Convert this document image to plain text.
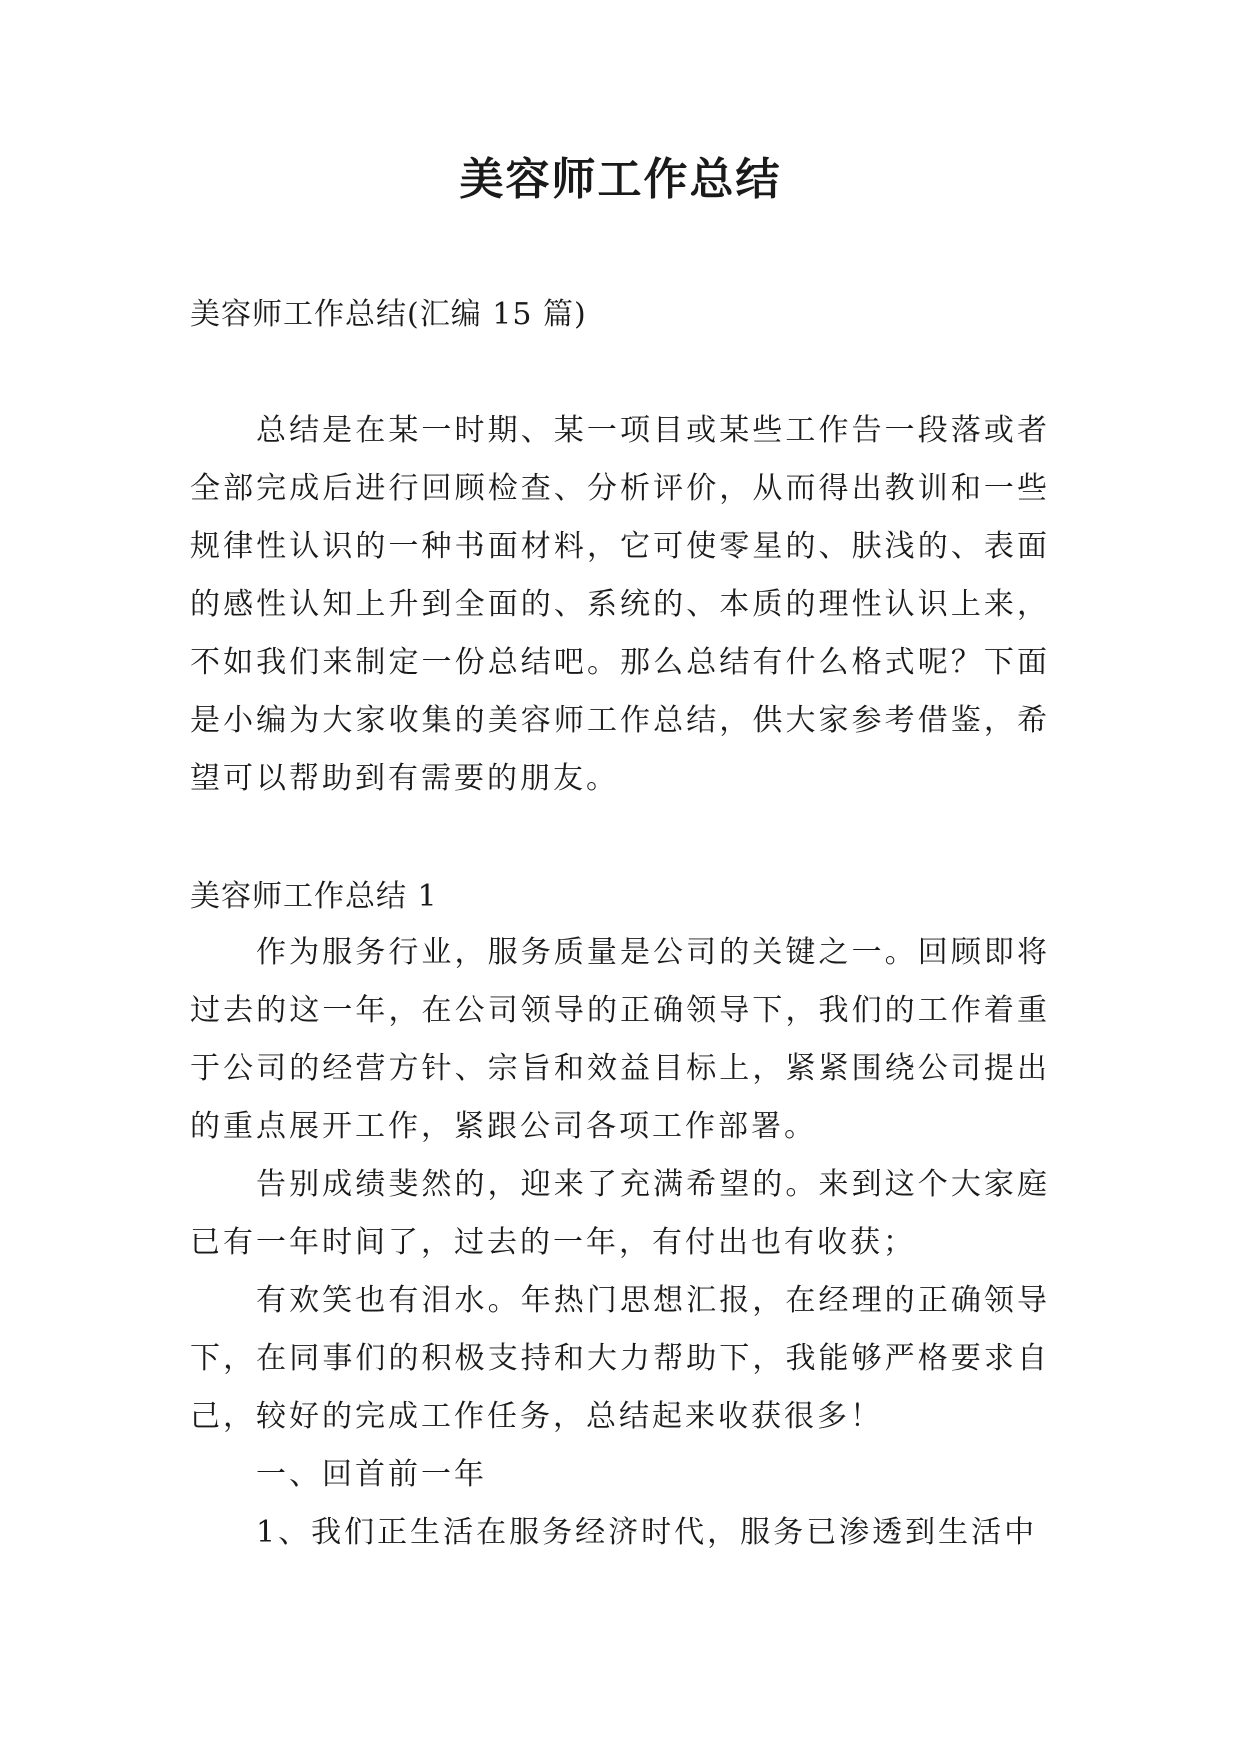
美容师工作总结

美容师工作总结(汇编 15 篇)

总结是在某一时期、某一项目或某些工作告一段落或者全部完成后进行回顾检查、分析评价，从而得出教训和一些规律性认识的一种书面材料，它可使零星的、肤浅的、表面的感性认知上升到全面的、系统的、本质的理性认识上来，不如我们来制定一份总结吧。那么总结有什么格式呢？下面是小编为大家收集的美容师工作总结，供大家参考借鉴，希望可以帮助到有需要的朋友。

美容师工作总结 1

作为服务行业，服务质量是公司的关键之一。回顾即将过去的这一年，在公司领导的正确领导下，我们的工作着重于公司的经营方针、宗旨和效益目标上，紧紧围绕公司提出的重点展开工作，紧跟公司各项工作部署。

告别成绩斐然的，迎来了充满希望的。来到这个大家庭已有一年时间了，过去的一年，有付出也有收获；

有欢笑也有泪水。年热门思想汇报，在经理的正确领导下，在同事们的积极支持和大力帮助下，我能够严格要求自己，较好的完成工作任务，总结起来收获很多！

一、回首前一年

1、我们正生活在服务经济时代，服务已渗透到生活中
